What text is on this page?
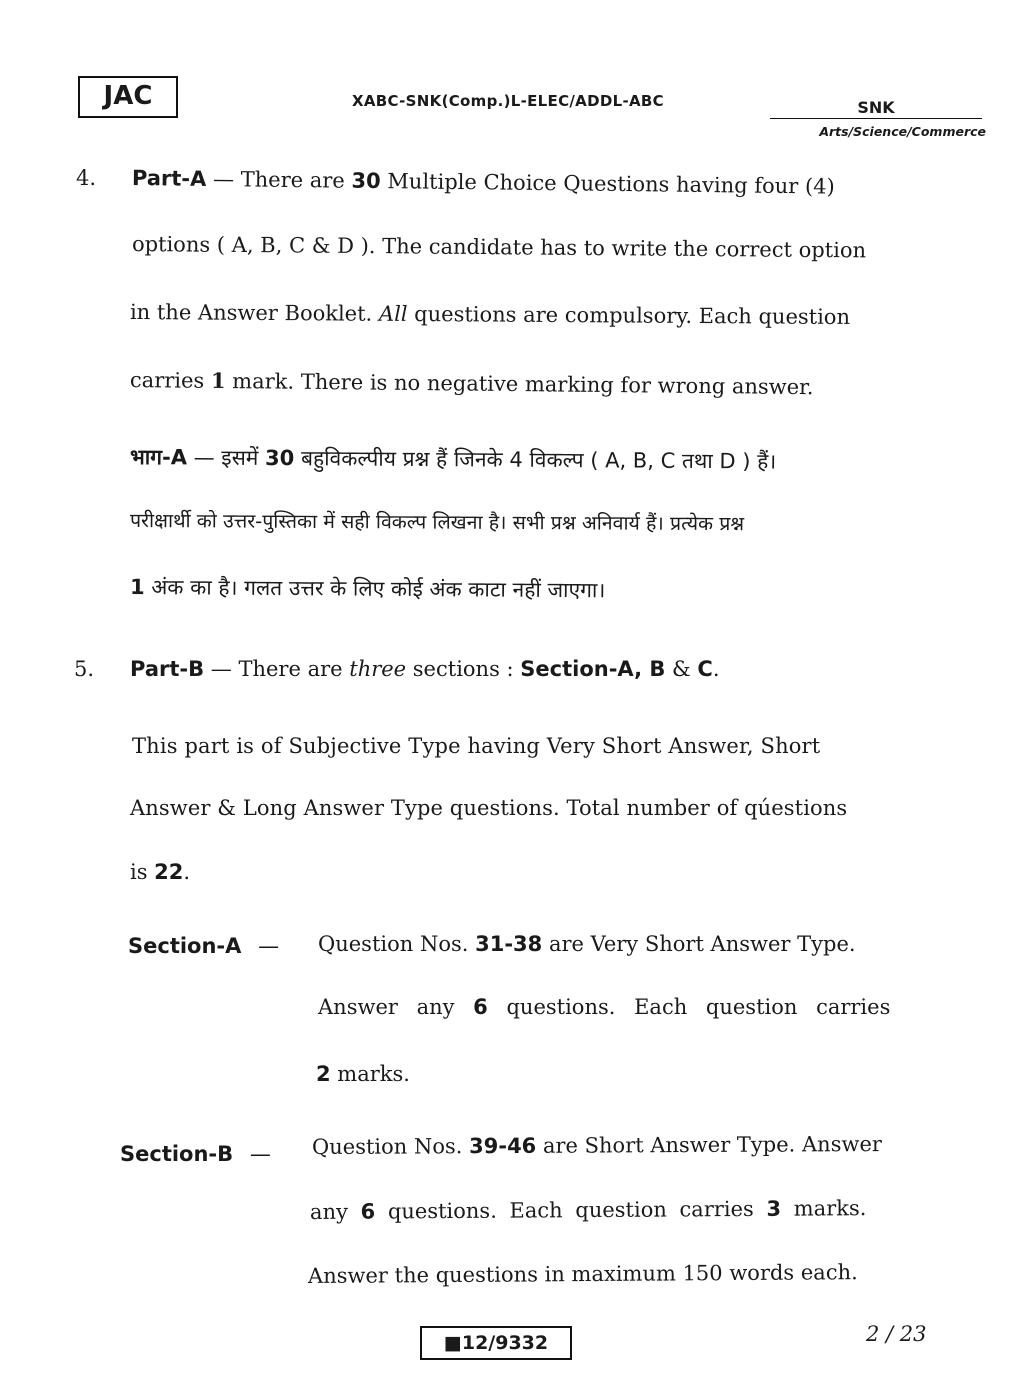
JAC	XABC-SNK(Comp.)L-ELEC/ADDL-ABC	SNK
Arts/Science/Commerce
4. Part-A — There are 30 Multiple Choice Questions having four (4)
options ( A, B, C & D ). The candidate has to write the correct option
in the Answer Booklet. All questions are compulsory. Each question
carries 1 mark. There is no negative marking for wrong answer.
भाग-A — इसमें 30 बहुविकल्पीय प्रश्न हैं जिनके 4 विकल्प ( A, B, C तथा D ) हैं।
परीक्षार्थी को उत्तर-पुस्तिका में सही विकल्प लिखना है। सभी प्रश्न अनिवार्य हैं। प्रत्येक प्रश्न
1 अंक का है। गलत उत्तर के लिए कोई अंक काटा नहीं जाएगा।
5. Part-B — There are three sections : Section-A, B & C.
This part is of Subjective Type having Very Short Answer, Short
Answer & Long Answer Type questions. Total number of qúestions
is 22.
Section-A — Question Nos. 31-38 are Very Short Answer Type.
Answer any 6 questions. Each question carries
2 marks.
Section-B — Question Nos. 39-46 are Short Answer Type. Answer
any 6 questions. Each question carries 3 marks.
Answer the questions in maximum 150 words each.
■12/9332	2 / 23
